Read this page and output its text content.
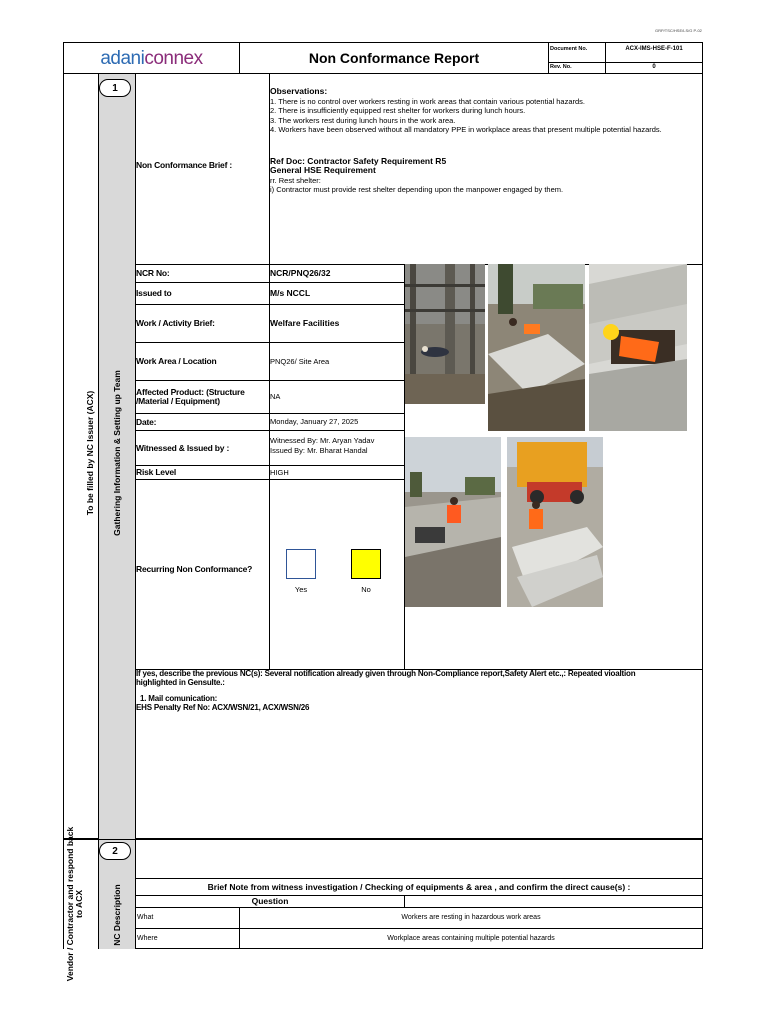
GRP/TSC/HSE/LS/G P-02
adani connex	Non Conformance Report
Document No.	ACX-IMS-HSE-F-101
Rev. No.	0
1
To be filled by NC Issuer (ACX) Gathering Information & Setting up Team
Non Conformance Brief :
Observations:
1. There is no control over workers resting in work areas that contain various potential hazards.
2. There is insufficiently equipped rest shelter for workers during lunch hours.
3. The workers rest during lunch hours in the work area.
4. Workers have been observed without all mandatory PPE in workplace areas that present multiple potential hazards.
Ref Doc: Contractor Safety Requirement R5
General HSE Requirement
rr. Rest shelter:
i) Contractor must provide rest shelter depending upon the manpower engaged by them.
NCR No:	NCR/PNQ26/32
Issued to	M/s NCCL
Work / Activity Brief:	Welfare Facilities
Work Area / Location	PNQ26/ Site Area
Affected Product: (Structure /Material / Equipment)	NA
Date:	Monday, January 27, 2025
Witnessed & Issued by :
Witnessed By: Mr. Aryan Yadav
Issued By: Mr. Bharat Handal
Risk Level	HIGH
Recurring Non Conformance?
Yes	No
If yes, describe the previous NC(s): Several notification already given through Non-Compliance report,Safety Alert etc.,: Repeated vioaltion
highlighted in Gensulte.:
1. Mail comunication:
EHS Penalty Ref No: ACX/WSN/21, ACX/WSN/26
2
Vendor / Contractor and respond back to ACX	NC Description	Brief Note from witness investigation / Checking of equipments & area , and confirm the direct cause(s) :
Question
What	Workers are resting in hazardous work areas
Where	Workplace areas containing multiple potential hazards
